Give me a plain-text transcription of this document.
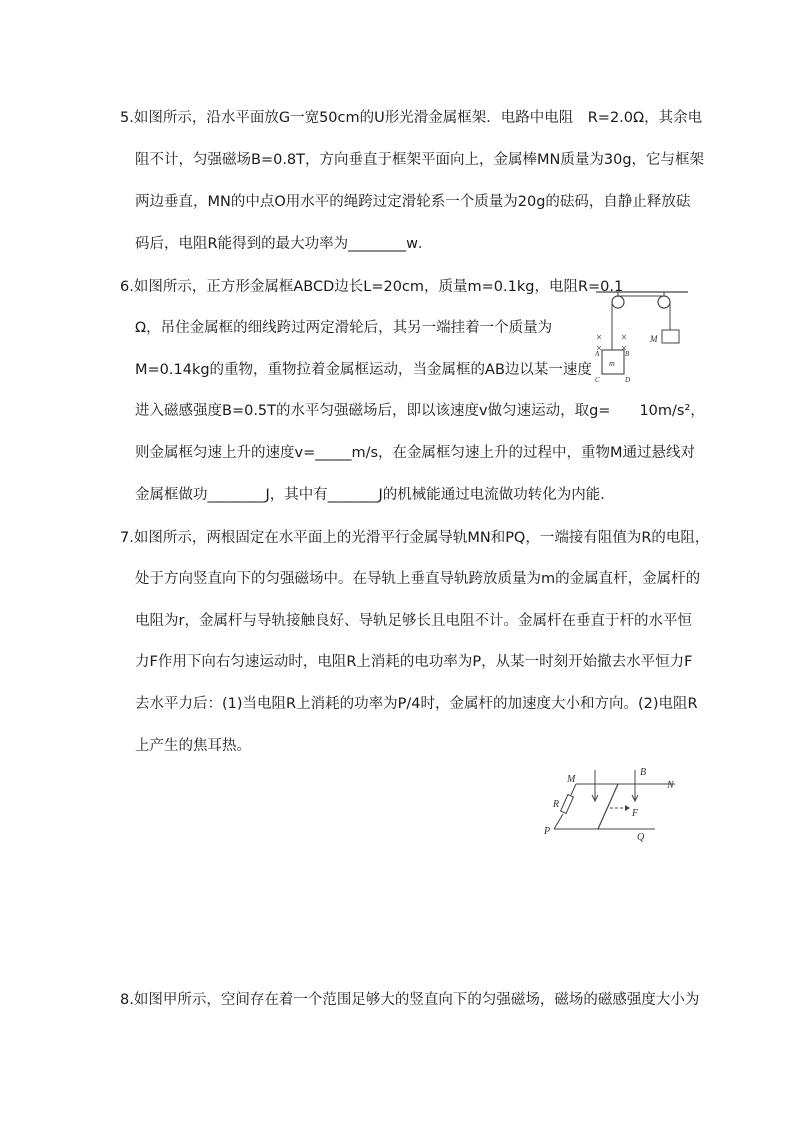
5.如图所示，沿水平面放G一宽50cm的U形光滑金属框架．电路中电阻　R=2.0Ω，其余电
阻不计，匀强磁场B=0.8T，方向垂直于框架平面向上，金属棒MN质量为30g，它与框架
两边垂直，MN的中点O用水平的绳跨过定滑轮系一个质量为20g的砝码，自静止释放砝
码后，电阻R能得到的最大功率为________w．
6.如图所示，正方形金属框ABCD边长L=20cm，质量m=0.1kg，电阻R=0.1
Ω，吊住金属框的细线跨过两定滑轮后，其另一端挂着一个质量为
M=0.14kg的重物，重物拉着金属框运动，当金属框的AB边以某一速度
进入磁感强度B=0.5T的水平匀强磁场后，即以该速度v做匀速运动，取g=　　10m/s²，
则金属框匀速上升的速度v=_____m/s，在金属框匀速上升的过程中，重物M通过悬线对
金属框做功________J，其中有_______J的机械能通过电流做功转化为内能．
M
m
A	B
C	D
7.如图所示，两根固定在水平面上的光滑平行金属导轨MN和PQ，一端接有阻值为R的电阻，
处于方向竖直向下的匀强磁场中。在导轨上垂直导轨跨放质量为m的金属直杆，金属杆的
电阻为r，金属杆与导轨接触良好、导轨足够长且电阻不计。金属杆在垂直于杆的水平恒
力F作用下向右匀速运动时，电阻R上消耗的电功率为P，从某一时刻开始撤去水平恒力F
去水平力后：(1)当电阻R上消耗的功率为P/4时，金属杆的加速度大小和方向。(2)电阻R
上产生的焦耳热。
M
N
P
Q
R
B
F
8.如图甲所示，空间存在着一个范围足够大的竖直向下的匀强磁场，磁场的磁感强度大小为
